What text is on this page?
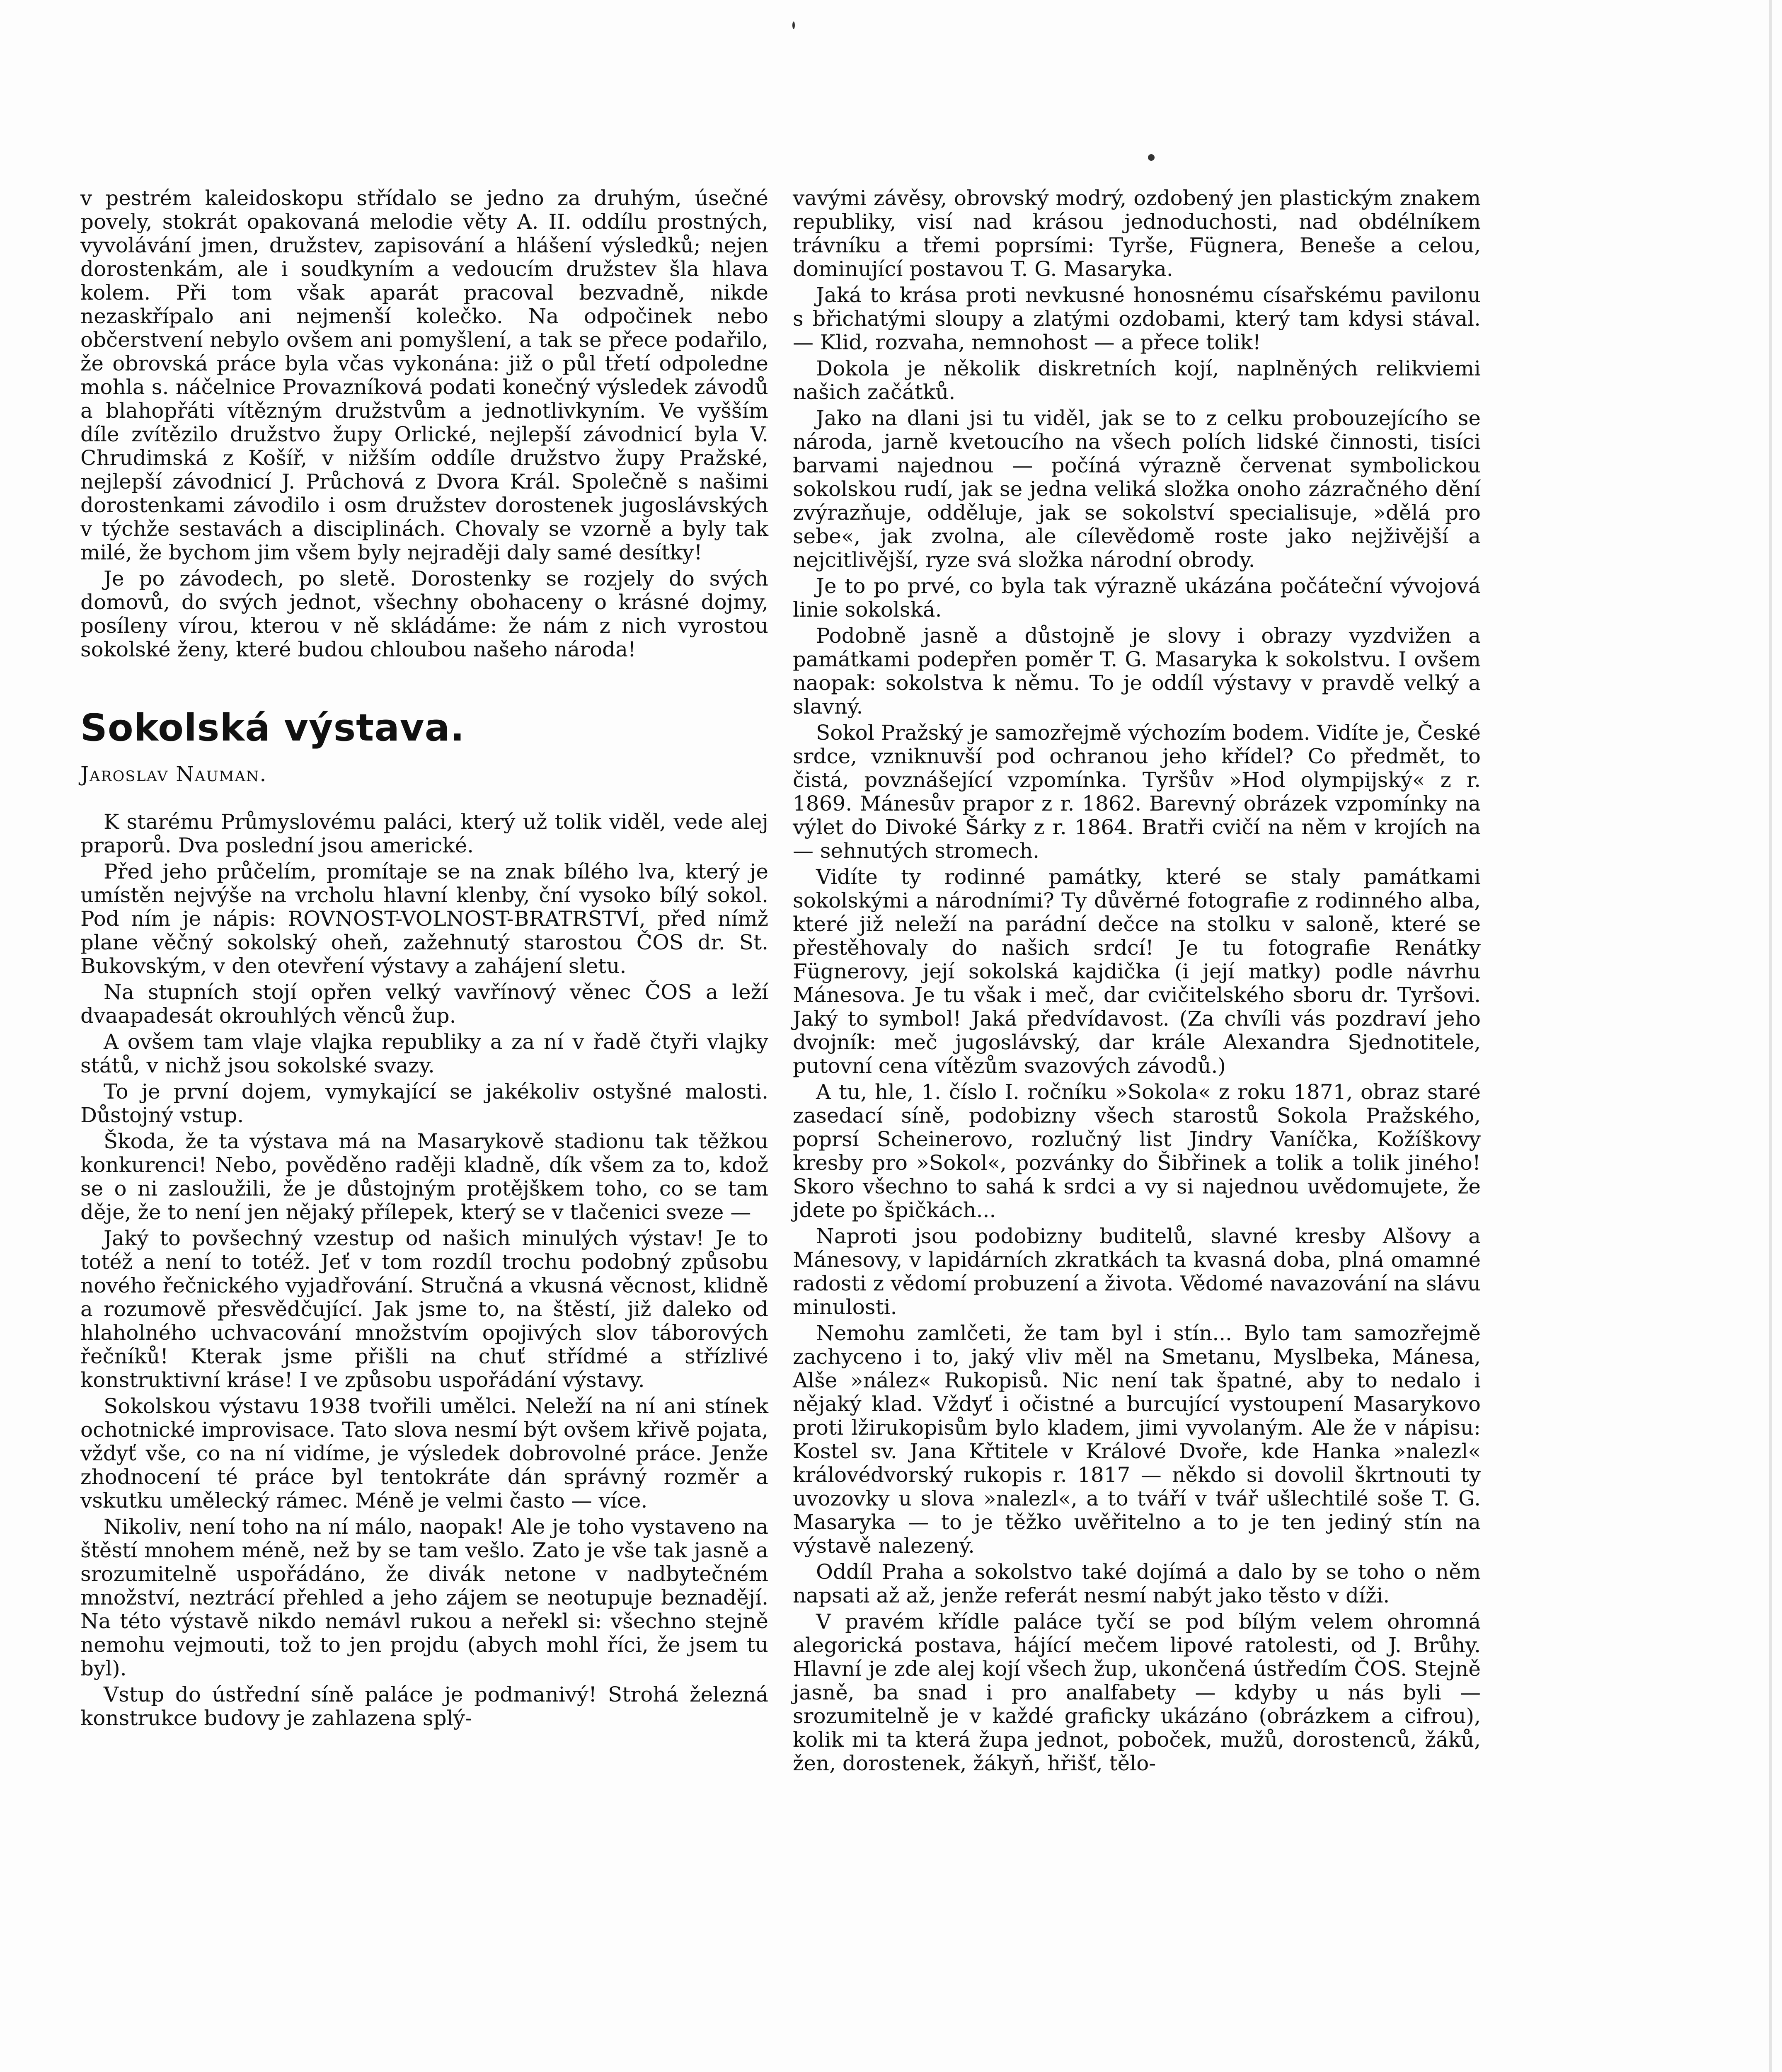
v pestrém kaleidoskopu střídalo se jedno za druhým, úsečné povely, stokrát opakovaná melodie věty A. II. oddílu prostných, vyvolávání jmen, družstev, zapisování a hlášení výsledků; nejen dorostenkám, ale i soudkyním a vedoucím družstev šla hlava kolem. Při tom však aparát pracoval bezvadně, nikde nezaskřípalo ani nejmenší kolečko. Na odpočinek nebo občerstvení nebylo ovšem ani pomyšlení, a tak se přece podařilo, že obrovská práce byla včas vykonána: již o půl třetí odpoledne mohla s. náčelnice Provazníková podati konečný výsledek závodů a blahopřáti vítězným družstvům a jednotlivkyním. Ve vyšším díle zvítězilo družstvo župy Orlické, nejlepší závodnicí byla V. Chrudimská z Košíř, v nižším oddíle družstvo župy Pražské, nejlepší závodnicí J. Průchová z Dvora Král. Společně s našimi dorostenkami závodilo i osm družstev dorostenek jugoslávských v týchže sestavách a disciplinách. Chovaly se vzorně a byly tak milé, že bychom jim všem byly nejraději daly samé desítky!

Je po závodech, po sletě. Dorostenky se rozjely do svých domovů, do svých jednot, všechny obohaceny o krásné dojmy, posíleny vírou, kterou v ně skládáme: že nám z nich vyrostou sokolské ženy, které budou chloubou našeho národa!

Sokolská výstava.
Jaroslav Nauman.

K starému Průmyslovému paláci, který už tolik viděl, vede alej praporů. Dva poslední jsou americké.

Před jeho průčelím, promítaje se na znak bílého lva, který je umístěn nejvýše na vrcholu hlavní klenby, ční vysoko bílý sokol. Pod ním je nápis: ROVNOST-VOLNOST-BRATRSTVÍ, před nímž plane věčný sokolský oheň, zažehnutý starostou ČOS dr. St. Bukovským, v den otevření výstavy a zahájení sletu.

Na stupních stojí opřen velký vavřínový věnec ČOS a leží dvaapadesát okrouhlých věnců žup.

A ovšem tam vlaje vlajka republiky a za ní v řadě čtyři vlajky států, v nichž jsou sokolské svazy.

To je první dojem, vymykající se jakékoliv ostyšné malosti. Důstojný vstup.

Škoda, že ta výstava má na Masarykově stadionu tak těžkou konkurenci! Nebo, pověděno raději kladně, dík všem za to, kdož se o ni zasloužili, že je důstojným protějškem toho, co se tam děje, že to není jen nějaký přílepek, který se v tlačenici sveze —

Jaký to povšechný vzestup od našich minulých výstav! Je to totéž a není to totéž. Jeť v tom rozdíl trochu podobný způsobu nového řečnického vyjadřování. Stručná a vkusná věcnost, klidně a rozumově přesvědčující. Jak jsme to, na štěstí, již daleko od hlaholného uchvacování množstvím opojivých slov táborových řečníků! Kterak jsme přišli na chuť střídmé a střízlivé konstruktivní kráse! I ve způsobu uspořádání výstavy.

Sokolskou výstavu 1938 tvořili umělci. Neleží na ní ani stínek ochotnické improvisace. Tato slova nesmí být ovšem křivě pojata, vždyť vše, co na ní vidíme, je výsledek dobrovolné práce. Jenže zhodnocení té práce byl tentokráte dán správný rozměr a vskutku umělecký rámec. Méně je velmi často — více.

Nikoliv, není toho na ní málo, naopak! Ale je toho vystaveno na štěstí mnohem méně, než by se tam vešlo. Zato je vše tak jasně a srozumitelně uspořádáno, že divák netone v nadbytečném množství, neztrácí přehled a jeho zájem se neotupuje beznadějí. Na této výstavě nikdo nemávl rukou a neřekl si: všechno stejně nemohu vejmouti, tož to jen projdu (abych mohl říci, že jsem tu byl).

Vstup do ústřední síně paláce je podmanivý! Strohá železná konstrukce budovy je zahlazena splý-

vavými závěsy, obrovský modrý, ozdobený jen plastickým znakem republiky, visí nad krásou jednoduchosti, nad obdélníkem trávníku a třemi poprsími: Tyrše, Fügnera, Beneše a celou, dominující postavou T. G. Masaryka.

Jaká to krása proti nevkusné honosnému císařskému pavilonu s břichatými sloupy a zlatými ozdobami, který tam kdysi stával. — Klid, rozvaha, nemnohost — a přece tolik!

Dokola je několik diskretních kojí, naplněných relikviemi našich začátků.

Jako na dlani jsi tu viděl, jak se to z celku probouzejícího se národa, jarně kvetoucího na všech polích lidské činnosti, tisíci barvami najednou — počíná výrazně červenat symbolickou sokolskou rudí, jak se jedna veliká složka onoho zázračného dění zvýrazňuje, odděluje, jak se sokolství specialisuje, »dělá pro sebe«, jak zvolna, ale cílevědomě roste jako nejživější a nejcitlivější, ryze svá složka národní obrody.

Je to po prvé, co byla tak výrazně ukázána počáteční vývojová linie sokolská.

Podobně jasně a důstojně je slovy i obrazy vyzdvižen a památkami podepřen poměr T. G. Masaryka k sokolstvu. I ovšem naopak: sokolstva k němu. To je oddíl výstavy v pravdě velký a slavný.

Sokol Pražský je samozřejmě výchozím bodem. Vidíte je, České srdce, vzniknuvší pod ochranou jeho křídel? Co předmět, to čistá, povznášející vzpomínka. Tyršův »Hod olympijský« z r. 1869. Mánesův prapor z r. 1862. Barevný obrázek vzpomínky na výlet do Divoké Šárky z r. 1864. Bratři cvičí na něm v krojích na — sehnutých stromech.

Vidíte ty rodinné památky, které se staly památkami sokolskými a národními? Ty důvěrné fotografie z rodinného alba, které již neleží na parádní dečce na stolku v saloně, které se přestěhovaly do našich srdcí! Je tu fotografie Renátky Fügnerovy, její sokolská kajdička (i její matky) podle návrhu Mánesova. Je tu však i meč, dar cvičitelského sboru dr. Tyršovi. Jaký to symbol! Jaká předvídavost. (Za chvíli vás pozdraví jeho dvojník: meč jugoslávský, dar krále Alexandra Sjednotitele, putovní cena vítězům svazových závodů.)

A tu, hle, 1. číslo I. ročníku »Sokola« z roku 1871, obraz staré zasedací síně, podobizny všech starostů Sokola Pražského, poprsí Scheinerovo, rozlučný list Jindry Vaníčka, Kožíškovy kresby pro »Sokol«, pozvánky do Šibřinek a tolik a tolik jiného! Skoro všechno to sahá k srdci a vy si najednou uvědomujete, že jdete po špičkách...

Naproti jsou podobizny buditelů, slavné kresby Alšovy a Mánesovy, v lapidárních zkratkách ta kvasná doba, plná omamné radosti z vědomí probuzení a života. Vědomé navazování na slávu minulosti.

Nemohu zamlčeti, že tam byl i stín... Bylo tam samozřejmě zachyceno i to, jaký vliv měl na Smetanu, Myslbeka, Mánesa, Alše »nález« Rukopisů. Nic není tak špatné, aby to nedalo i nějaký klad. Vždyť i očistné a burcující vystoupení Masarykovo proti lžirukopisům bylo kladem, jimi vyvolaným. Ale že v nápisu: Kostel sv. Jana Křtitele v Králové Dvoře, kde Hanka »nalezl« královédvorský rukopis r. 1817 — někdo si dovolil škrtnouti ty uvozovky u slova »nalezl«, a to tváří v tvář ušlechtilé soše T. G. Masaryka — to je těžko uvěřitelno a to je ten jediný stín na výstavě nalezený.

Oddíl Praha a sokolstvo také dojímá a dalo by se toho o něm napsati až až, jenže referát nesmí nabýt jako těsto v díži.

V pravém křídle paláce tyčí se pod bílým velem ohromná alegorická postava, hájící mečem lipové ratolesti, od J. Brůhy. Hlavní je zde alej kojí všech žup, ukončená ústředím ČOS. Stejně jasně, ba snad i pro analfabety — kdyby u nás byli — srozumitelně je v každé graficky ukázáno (obrázkem a cifrou), kolik mi ta která župa jednot, poboček, mužů, dorostenců, žáků, žen, dorostenek, žákyň, hřišť, tělo-
